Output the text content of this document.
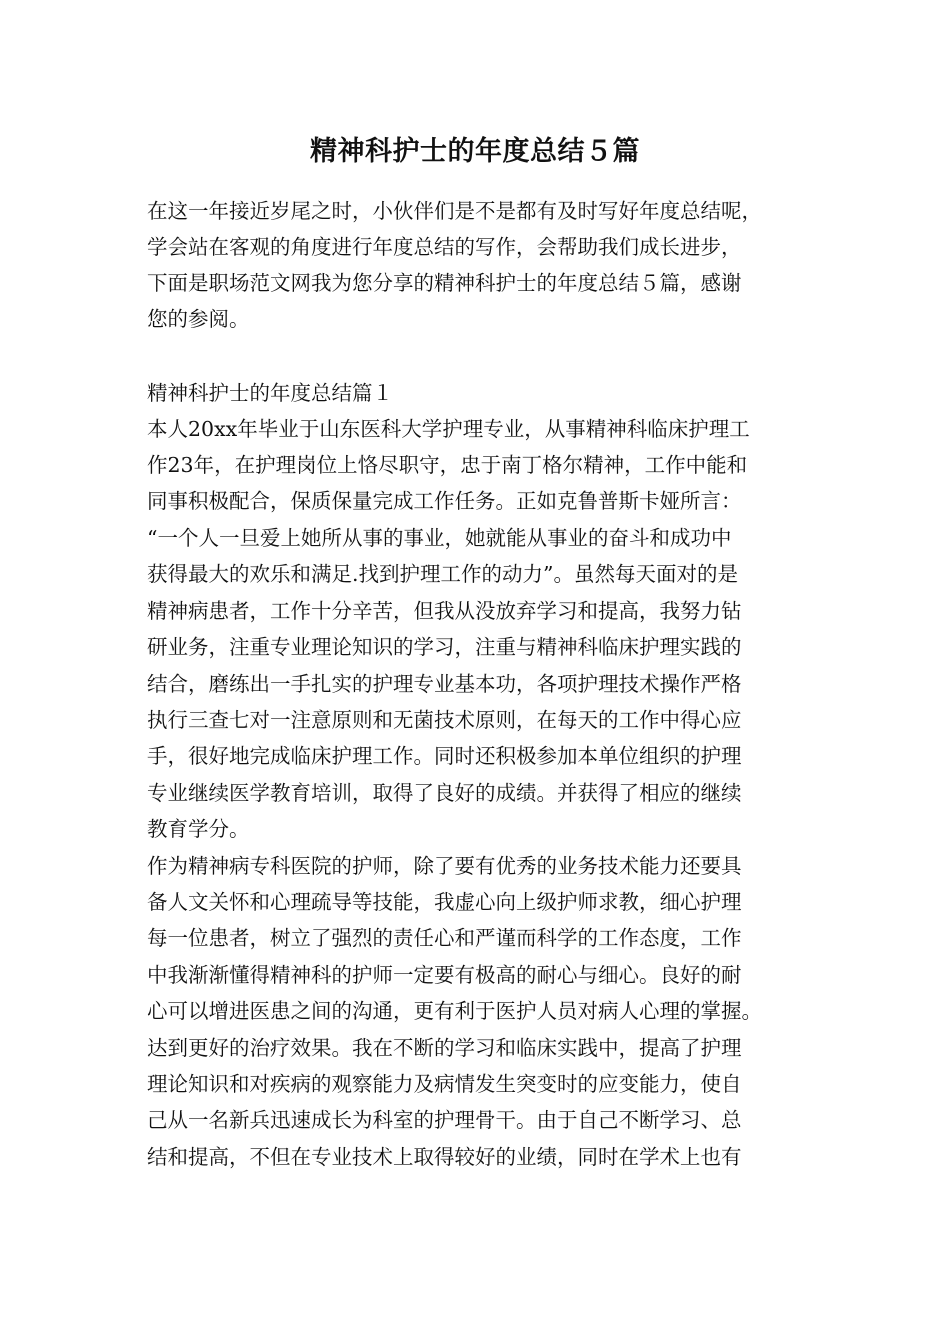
精神科护士的年度总结５篇

在这一年接近岁尾之时，小伙伴们是不是都有及时写好年度总结呢，

学会站在客观的角度进行年度总结的写作，会帮助我们成长进步，

下面是职场范文网我为您分享的精神科护士的年度总结５篇，感谢

您的参阅。

精神科护士的年度总结篇１

本人20xx年毕业于山东医科大学护理专业，从事精神科临床护理工

作23年，在护理岗位上恪尽职守，忠于南丁格尔精神，工作中能和

同事积极配合，保质保量完成工作任务。正如克鲁普斯卡娅所言：

“一个人一旦爱上她所从事的事业，她就能从事业的奋斗和成功中

获得最大的欢乐和满足.找到护理工作的动力”。虽然每天面对的是

精神病患者，工作十分辛苦，但我从没放弃学习和提高，我努力钻

研业务，注重专业理论知识的学习，注重与精神科临床护理实践的

结合，磨练出一手扎实的护理专业基本功，各项护理技术操作严格

执行三查七对一注意原则和无菌技术原则，在每天的工作中得心应

手，很好地完成临床护理工作。同时还积极参加本单位组织的护理

专业继续医学教育培训，取得了良好的成绩。并获得了相应的继续

教育学分。

作为精神病专科医院的护师，除了要有优秀的业务技术能力还要具

备人文关怀和心理疏导等技能，我虚心向上级护师求教，细心护理

每一位患者，树立了强烈的责任心和严谨而科学的工作态度，工作

中我渐渐懂得精神科的护师一定要有极高的耐心与细心。良好的耐

心可以增进医患之间的沟通，更有利于医护人员对病人心理的掌握。

达到更好的治疗效果。我在不断的学习和临床实践中，提高了护理

理论知识和对疾病的观察能力及病情发生突变时的应变能力，使自

己从一名新兵迅速成长为科室的护理骨干。由于自己不断学习、总

结和提高，不但在专业技术上取得较好的业绩，同时在学术上也有
